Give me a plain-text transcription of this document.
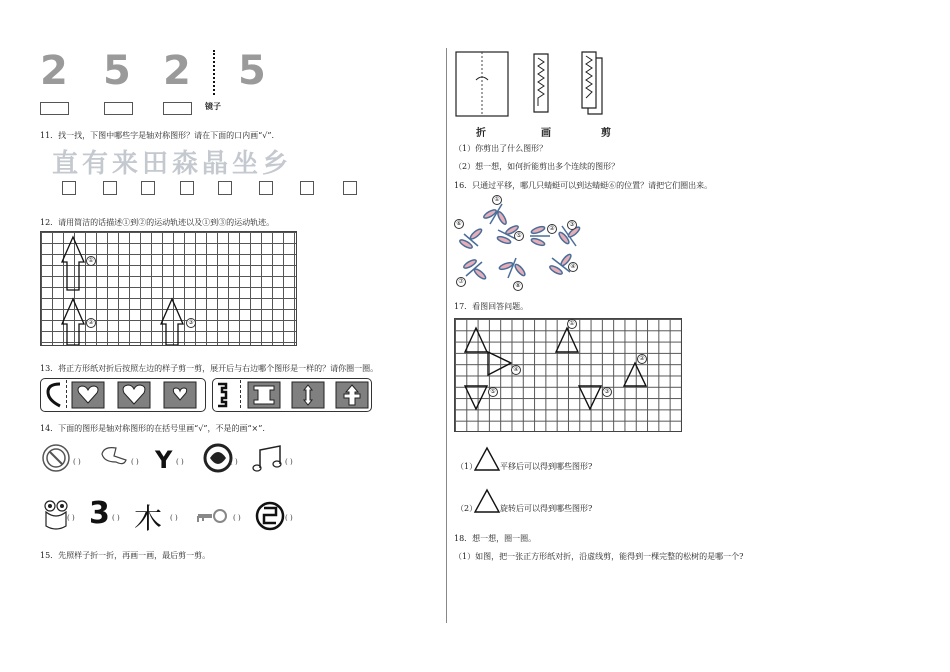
2 5 2 5
镜子
11．找一找，下图中哪些字是轴对称图形？请在下面的口内画“√”.
直有来田森晶坐乡
12．请用简洁的话描述①到②的运动轨迹以及①到③的运动轨迹。
①
②	③
13．将正方形纸对折后按照左边的样子剪一剪，展开后与右边哪个图形是一样的？请你圈一圈。
14．下面的图形是轴对称图形的在括号里画“√”，不是的画“×”.
( )	( ) Y ( )	( )	( )
( ) 3 ( ) 木 ( )	( )	( )
15．先照样子折一折，再画一画，最后剪一剪。
折	画	剪
（1）你剪出了什么图形？
（2）想一想，如何折能剪出多个连续的图形？
16．只通过平移，哪几只蜻蜓可以到达蜻蜓⑥的位置？请把它们圈出来。
①
②
③
④
⑤
⑥
⑦
⑧
17．看图回答问题。
①
②
③
④
⑤
（1）	平移后可以得到哪些图形?
（2）	旋转后可以得到哪些图形?
18．想一想，圈一圈。
（1）如图，把一张正方形纸对折，沿虚线剪，能得到一棵完整的松树的是哪一个?
